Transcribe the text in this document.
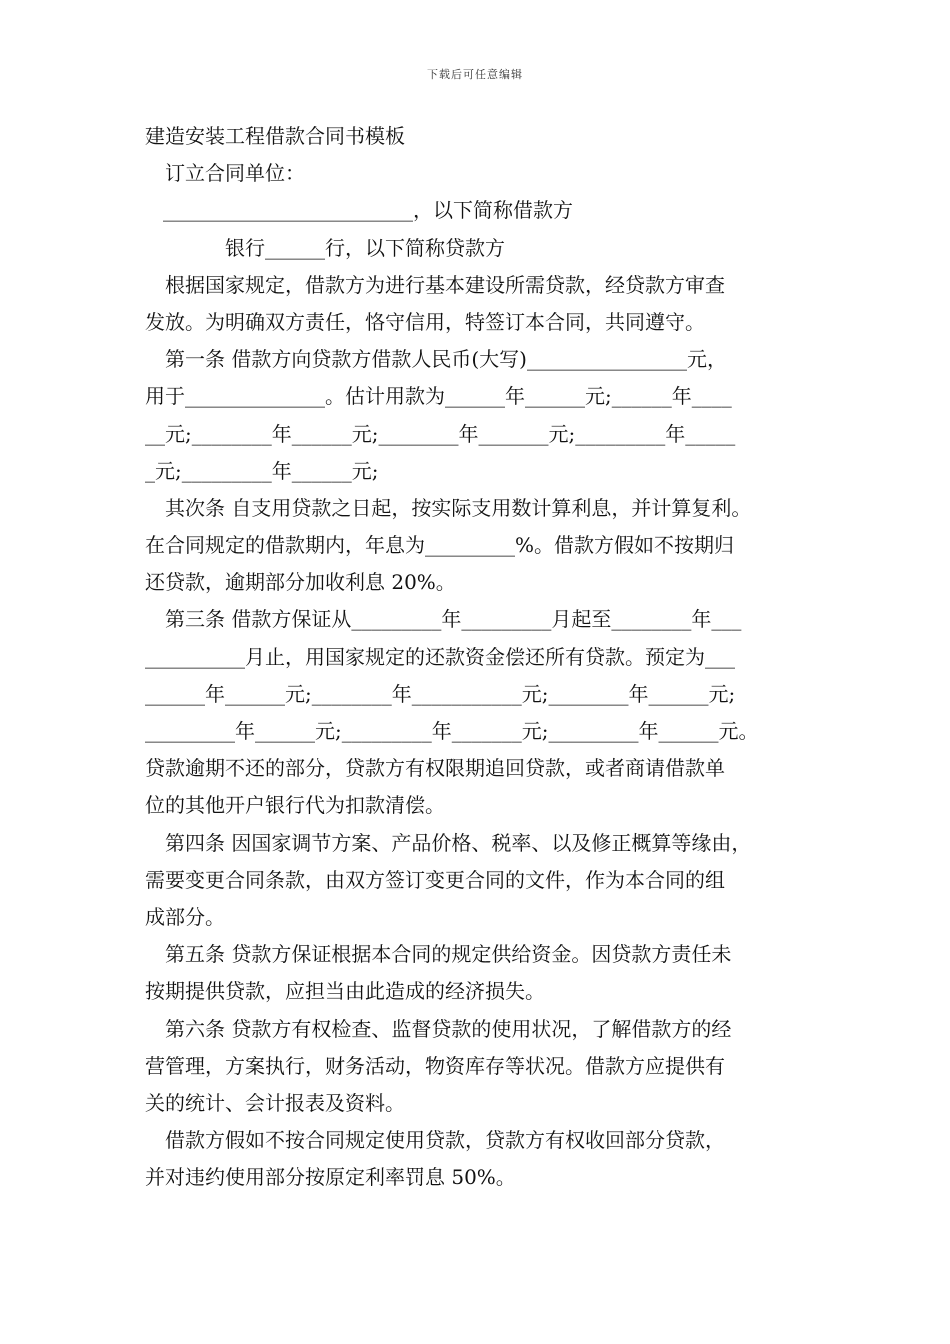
下载后可任意编辑
建造安装工程借款合同书模板
订立合同单位：
_________________________，以下简称借款方
银行______行，以下简称贷款方
根据国家规定，借款方为进行基本建设所需贷款，经贷款方审查
发放。为明确双方责任，恪守信用，特签订本合同，共同遵守。
第一条 借款方向贷款方借款人民币(大写)________________元，
用于______________。估计用款为______年______元;______年____
__元;________年______元;________年_______元;_________年_____
_元;_________年______元;
其次条 自支用贷款之日起，按实际支用数计算利息，并计算复利。
在合同规定的借款期内，年息为_________%。借款方假如不按期归
还贷款，逾期部分加收利息 20%。
第三条 借款方保证从_________年_________月起至________年___
__________月止，用国家规定的还款资金偿还所有贷款。预定为___
______年______元;________年___________元;________年______元;
_________年______元;_________年_______元;_________年______元。
贷款逾期不还的部分，贷款方有权限期追回贷款，或者商请借款单
位的其他开户银行代为扣款清偿。
第四条 因国家调节方案、产品价格、税率、以及修正概算等缘由，
需要变更合同条款，由双方签订变更合同的文件，作为本合同的组
成部分。
第五条 贷款方保证根据本合同的规定供给资金。因贷款方责任未
按期提供贷款，应担当由此造成的经济损失。
第六条 贷款方有权检查、监督贷款的使用状况，了解借款方的经
营管理，方案执行，财务活动，物资库存等状况。借款方应提供有
关的统计、会计报表及资料。
借款方假如不按合同规定使用贷款，贷款方有权收回部分贷款，
并对违约使用部分按原定利率罚息 50%。
